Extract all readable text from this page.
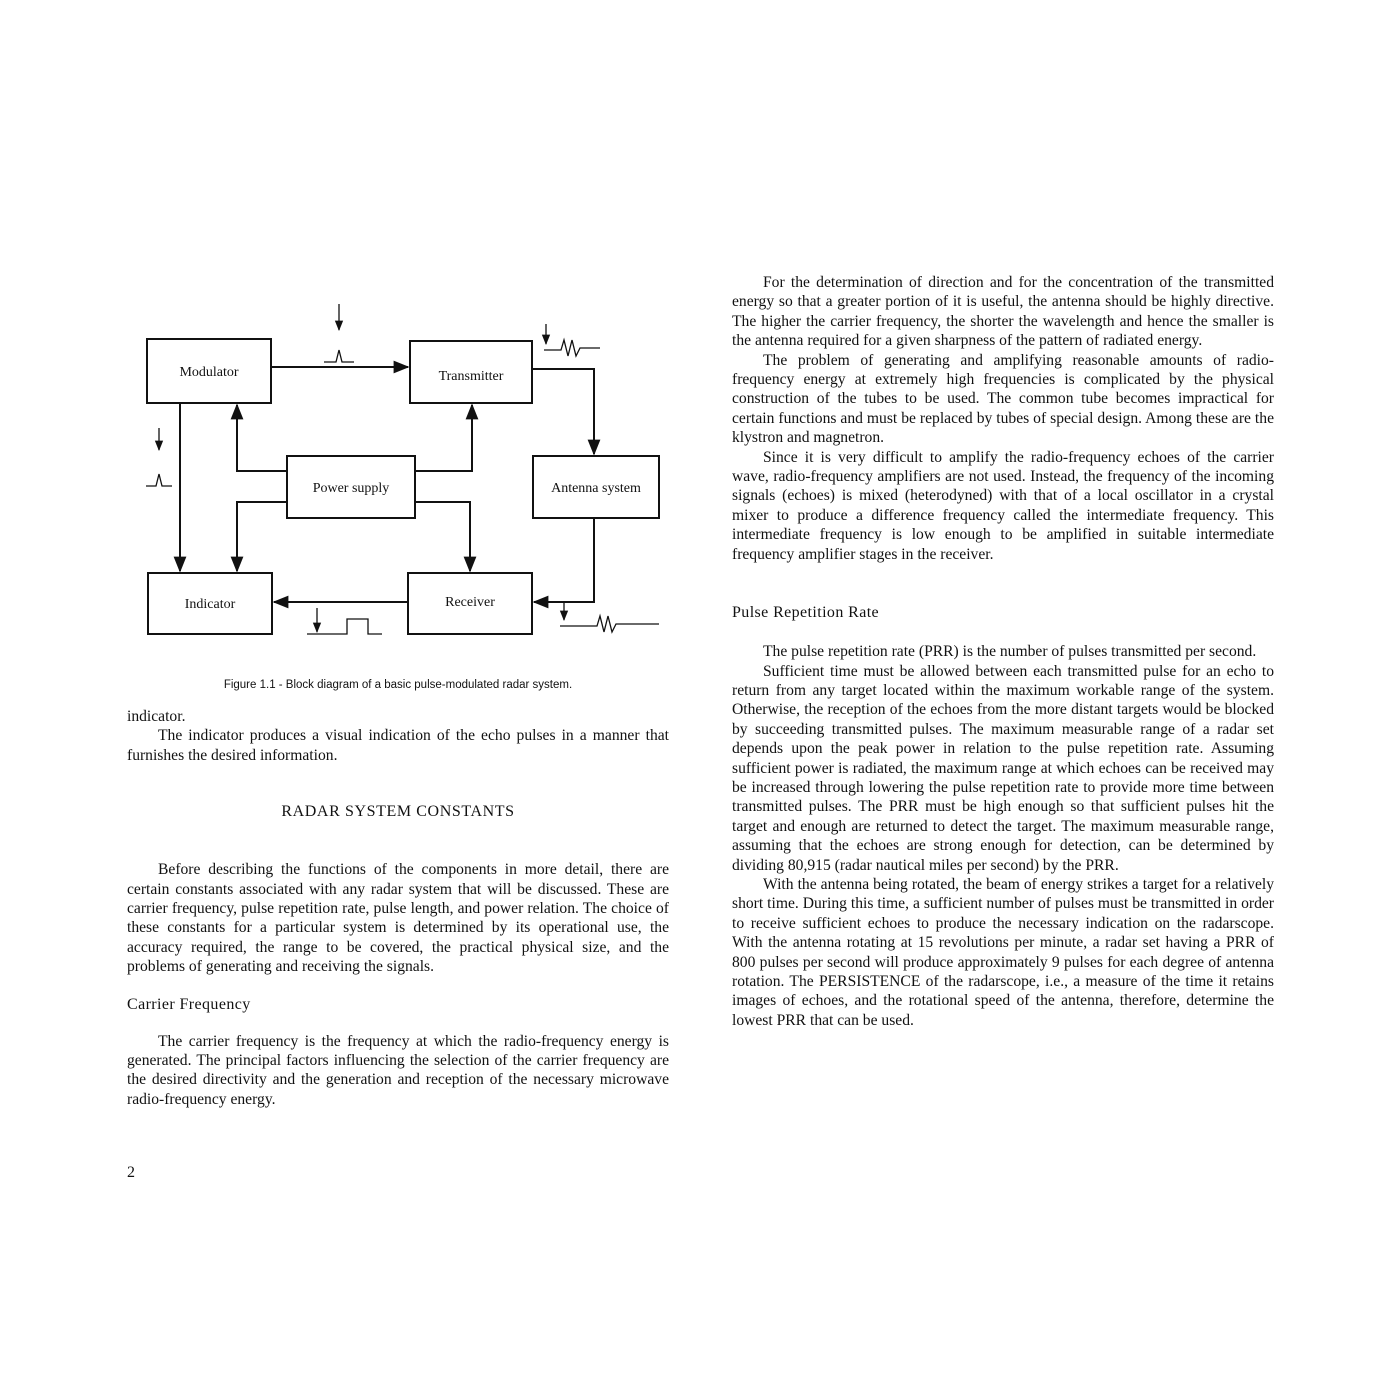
Modulator	Transmitter
Power supply	Antenna system
Indicator	Receiver

Figure 1.1 - Block diagram of a basic pulse-modulated radar system.

indicator.

The indicator produces a visual indication of the echo pulses in a manner that furnishes the desired information.

RADAR SYSTEM CONSTANTS

Before describing the functions of the components in more detail, there are certain constants associated with any radar system that will be discussed. These are carrier frequency, pulse repetition rate, pulse length, and power relation. The choice of these constants for a particular system is determined by its operational use, the accuracy required, the range to be covered, the practical physical size, and the problems of generating and receiving the signals.

Carrier Frequency

The carrier frequency is the frequency at which the radio-frequency energy is generated. The principal factors influencing the selection of the carrier frequency are the desired directivity and the generation and reception of the necessary microwave radio-frequency energy.

For the determination of direction and for the concentration of the transmitted energy so that a greater portion of it is useful, the antenna should be highly directive. The higher the carrier frequency, the shorter the wavelength and hence the smaller is the antenna required for a given sharpness of the pattern of radiated energy.

The problem of generating and amplifying reasonable amounts of radio-frequency energy at extremely high frequencies is complicated by the physical construction of the tubes to be used. The common tube becomes impractical for certain functions and must be replaced by tubes of special design. Among these are the klystron and magnetron.

Since it is very difficult to amplify the radio-frequency echoes of the carrier wave, radio-frequency amplifiers are not used. Instead, the frequency of the incoming signals (echoes) is mixed (heterodyned) with that of a local oscillator in a crystal mixer to produce a difference frequency called the intermediate frequency. This intermediate frequency is low enough to be amplified in suitable intermediate frequency amplifier stages in the receiver.

Pulse Repetition Rate

The pulse repetition rate (PRR) is the number of pulses transmitted per second.

Sufficient time must be allowed between each transmitted pulse for an echo to return from any target located within the maximum workable range of the system. Otherwise, the reception of the echoes from the more distant targets would be blocked by succeeding transmitted pulses. The maximum measurable range of a radar set depends upon the peak power in relation to the pulse repetition rate. Assuming sufficient power is radiated, the maximum range at which echoes can be received may be increased through lowering the pulse repetition rate to provide more time between transmitted pulses. The PRR must be high enough so that sufficient pulses hit the target and enough are returned to detect the target. The maximum measurable range, assuming that the echoes are strong enough for detection, can be determined by dividing 80,915 (radar nautical miles per second) by the PRR.

With the antenna being rotated, the beam of energy strikes a target for a relatively short time. During this time, a sufficient number of pulses must be transmitted in order to receive sufficient echoes to produce the necessary indication on the radarscope. With the antenna rotating at 15 revolutions per minute, a radar set having a PRR of 800 pulses per second will produce approximately 9 pulses for each degree of antenna rotation. The PERSISTENCE of the radarscope, i.e., a measure of the time it retains images of echoes, and the rotational speed of the antenna, therefore, determine the lowest PRR that can be used.

2
